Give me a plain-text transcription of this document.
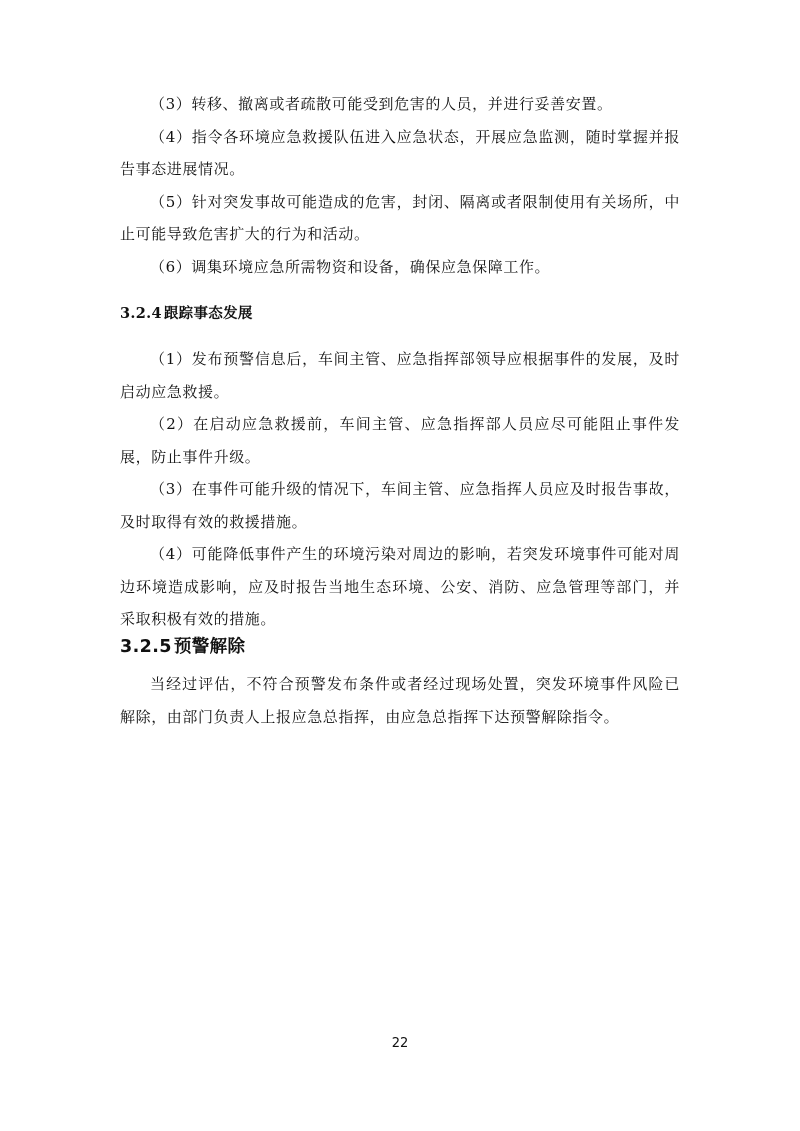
（3）转移、撤离或者疏散可能受到危害的人员，并进行妥善安置。

（4）指令各环境应急救援队伍进入应急状态，开展应急监测，随时掌握并报告事态进展情况。

（5）针对突发事故可能造成的危害，封闭、隔离或者限制使用有关场所，中止可能导致危害扩大的行为和活动。

（6）调集环境应急所需物资和设备，确保应急保障工作。

3.2.4 跟踪事态发展

（1）发布预警信息后，车间主管、应急指挥部领导应根据事件的发展，及时启动应急救援。

（2）在启动应急救援前，车间主管、应急指挥部人员应尽可能阻止事件发展，防止事件升级。

（3）在事件可能升级的情况下，车间主管、应急指挥人员应及时报告事故，及时取得有效的救援措施。

（4）可能降低事件产生的环境污染对周边的影响，若突发环境事件可能对周边环境造成影响，应及时报告当地生态环境、公安、消防、应急管理等部门，并采取积极有效的措施。

3.2.5 预警解除

当经过评估，不符合预警发布条件或者经过现场处置，突发环境事件风险已解除，由部门负责人上报应急总指挥，由应急总指挥下达预警解除指令。

22
